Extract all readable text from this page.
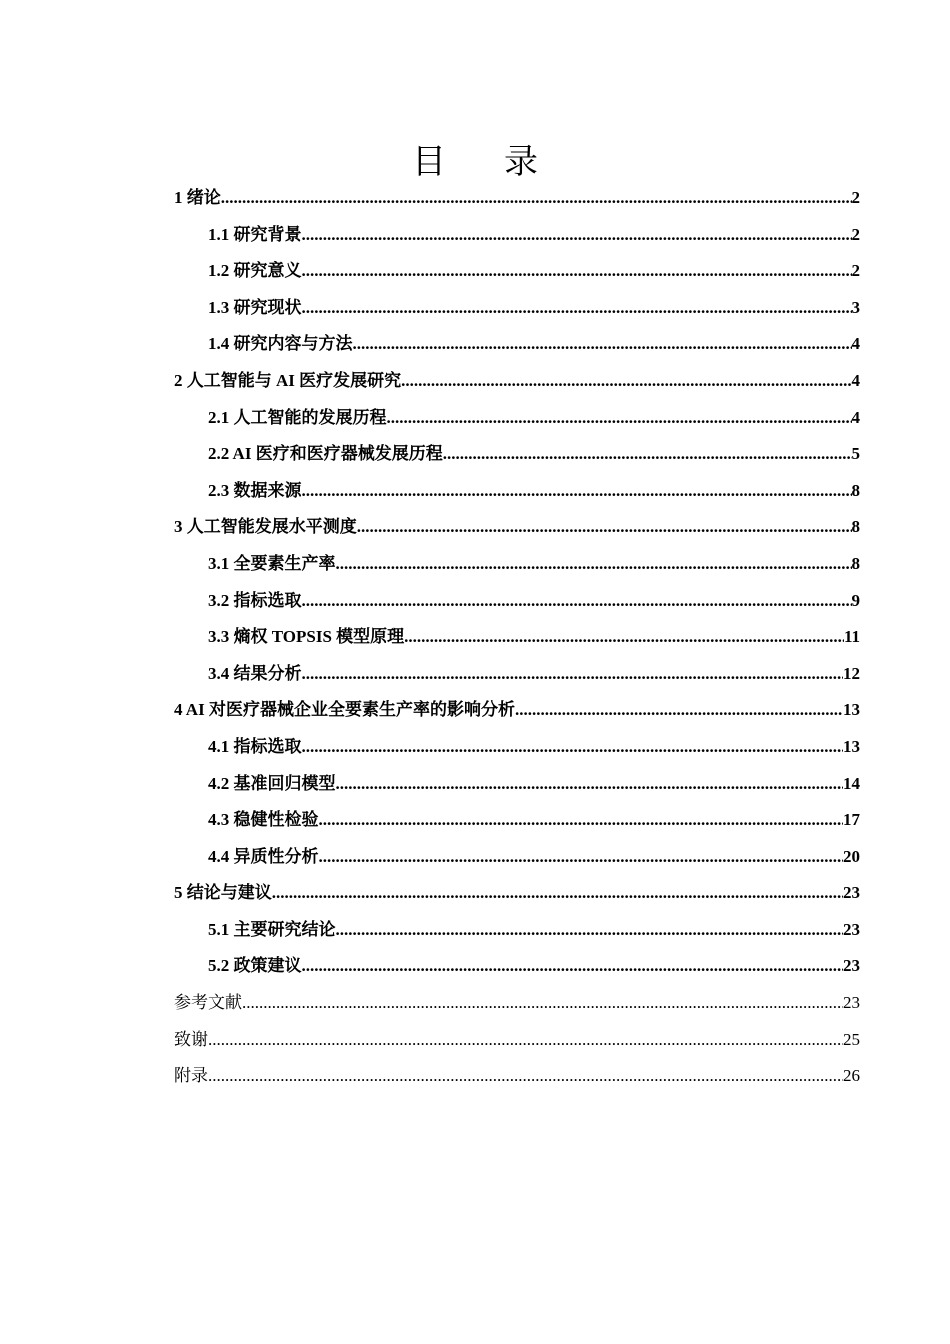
目录
1 绪论 .....	2
1.1 研究背景 .....	2
1.2 研究意义 .....	2
1.3 研究现状 .....	3
1.4 研究内容与方法 .....	4
2 人工智能与 AI 医疗发展研究 .....	4
2.1 人工智能的发展历程 .....	4
2.2 AI 医疗和医疗器械发展历程 .....	5
2.3 数据来源 .....	8
3 人工智能发展水平测度 .....	8
3.1 全要素生产率 .....	8
3.2 指标选取 .....	9
3.3 熵权 TOPSIS 模型原理 .....	11
3.4 结果分析 .....	12
4 AI 对医疗器械企业全要素生产率的影响分析 .....	13
4.1 指标选取 .....	13
4.2 基准回归模型 .....	14
4.3 稳健性检验 .....	17
4.4 异质性分析 .....	20
5 结论与建议 .....	23
5.1 主要研究结论 .....	23
5.2 政策建议 .....	23
参考文献 .....	23
致谢 .....	25
附录 .....	26
